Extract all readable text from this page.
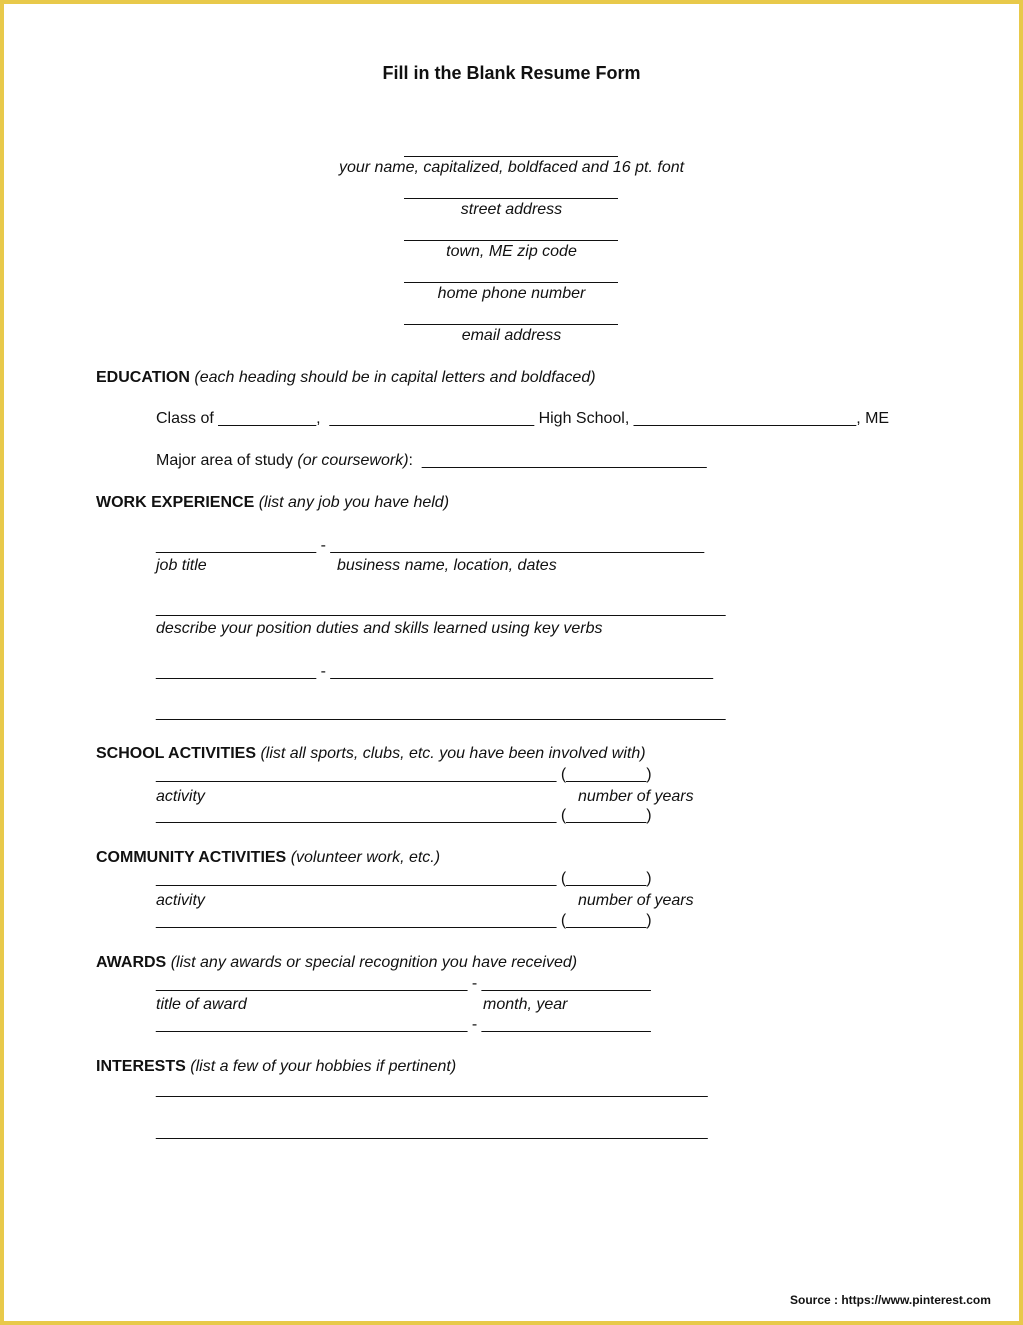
Fill in the Blank Resume Form
your name, capitalized, boldfaced and 16 pt. font
street address
town, ME zip code
home phone number
email address
EDUCATION (each heading should be in capital letters and boldfaced)
Class of ___________,  _______________________ High School, _________________________, ME
Major area of study (or coursework):  ________________________________
WORK EXPERIENCE (list any job you have held)
__________________ - __________________________________________
job title	business name, location, dates
________________________________________________________________
describe your position duties and skills learned using key verbs
__________________ - ___________________________________________
________________________________________________________________
SCHOOL ACTIVITIES (list all sports, clubs, etc. you have been involved with)
_____________________________________________ (_________)
activity	number of years
_____________________________________________ (_________)
COMMUNITY ACTIVITIES (volunteer work, etc.)
_____________________________________________ (_________)
activity	number of years
_____________________________________________ (_________)
AWARDS (list any awards or special recognition you have received)
___________________________________ - ___________________
title of award	month, year
___________________________________ - ___________________
INTERESTS (list a few of your hobbies if pertinent)
______________________________________________________________
______________________________________________________________
Source : https://www.pinterest.com
